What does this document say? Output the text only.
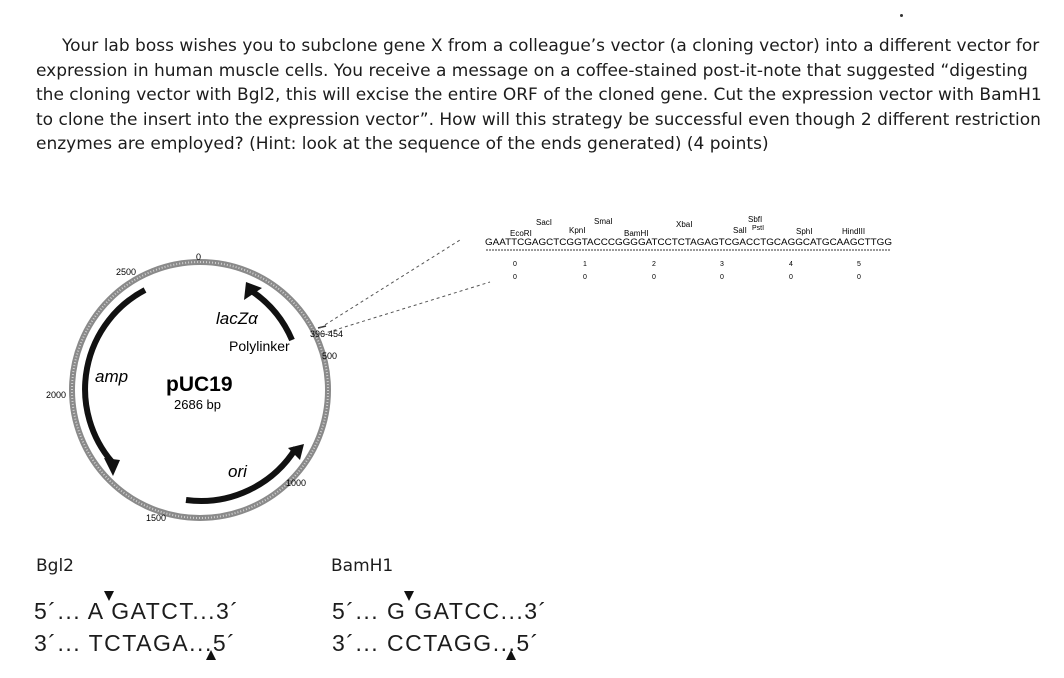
Your lab boss wishes you to subclone gene X from a colleague’s vector (a cloning vector) into a different vector for expression in human muscle cells. You receive a message on a coffee-stained post-it-note that suggested “digesting the cloning vector with Bgl2, this will excise the entire ORF of the cloned gene. Cut the expression vector with BamH1 to clone the insert into the expression vector”. How will this strategy be successful even though 2 different restriction enzymes are employed? (Hint: look at the sequence of the ends generated) (4 points)

0
500
1000
1500
2000
2500
lacZα
Polylinker
396-454
amp pUC19
2686 bp
ori
EcoRI
SacI
KpnI
SmaI
BamHI
XbaI
SalI
SbfI
PstI	SphI	HindIII
GAATTCGAGCTCGGTACCCGGGGATCCTCTAGAGTCGACCTGCAGGCATGCAAGCTTGG
0	1	2	3	4	5
0	0	0	0	0	0
Bgl2
5´... A GATCT...3´
3´... TCTAGA...5´
BamH1
5´... G GATCC...3´
3´... CCTAGG...5´
